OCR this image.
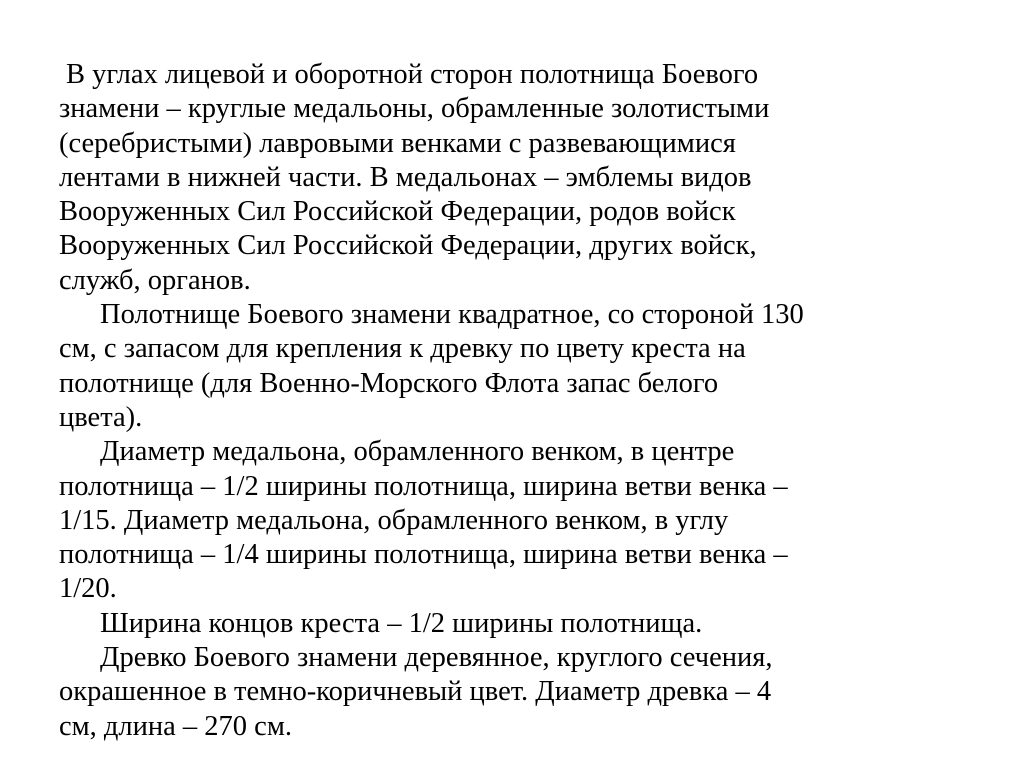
В углах лицевой и оборотной сторон полотнища Боевого
знамени – круглые медальоны, обрамленные золотистыми
(серебристыми) лавровыми венками с развевающимися
лентами в нижней части. В медальонах – эмблемы видов
Вооруженных Сил Российской Федерации, родов войск
Вооруженных Сил Российской Федерации, других войск,
служб, органов.
Полотнище Боевого знамени квадратное, со стороной 130
см, с запасом для крепления к древку по цвету креста на
полотнище (для Военно-Морского Флота запас белого
цвета).
Диаметр медальона, обрамленного венком, в центре
полотнища – 1/2 ширины полотнища, ширина ветви венка –
1/15. Диаметр медальона, обрамленного венком, в углу
полотнища – 1/4 ширины полотнища, ширина ветви венка –
1/20.
Ширина концов креста – 1/2 ширины полотнища.
Древко Боевого знамени деревянное, круглого сечения,
окрашенное в темно-коричневый цвет. Диаметр древка – 4
см, длина – 270 см.
